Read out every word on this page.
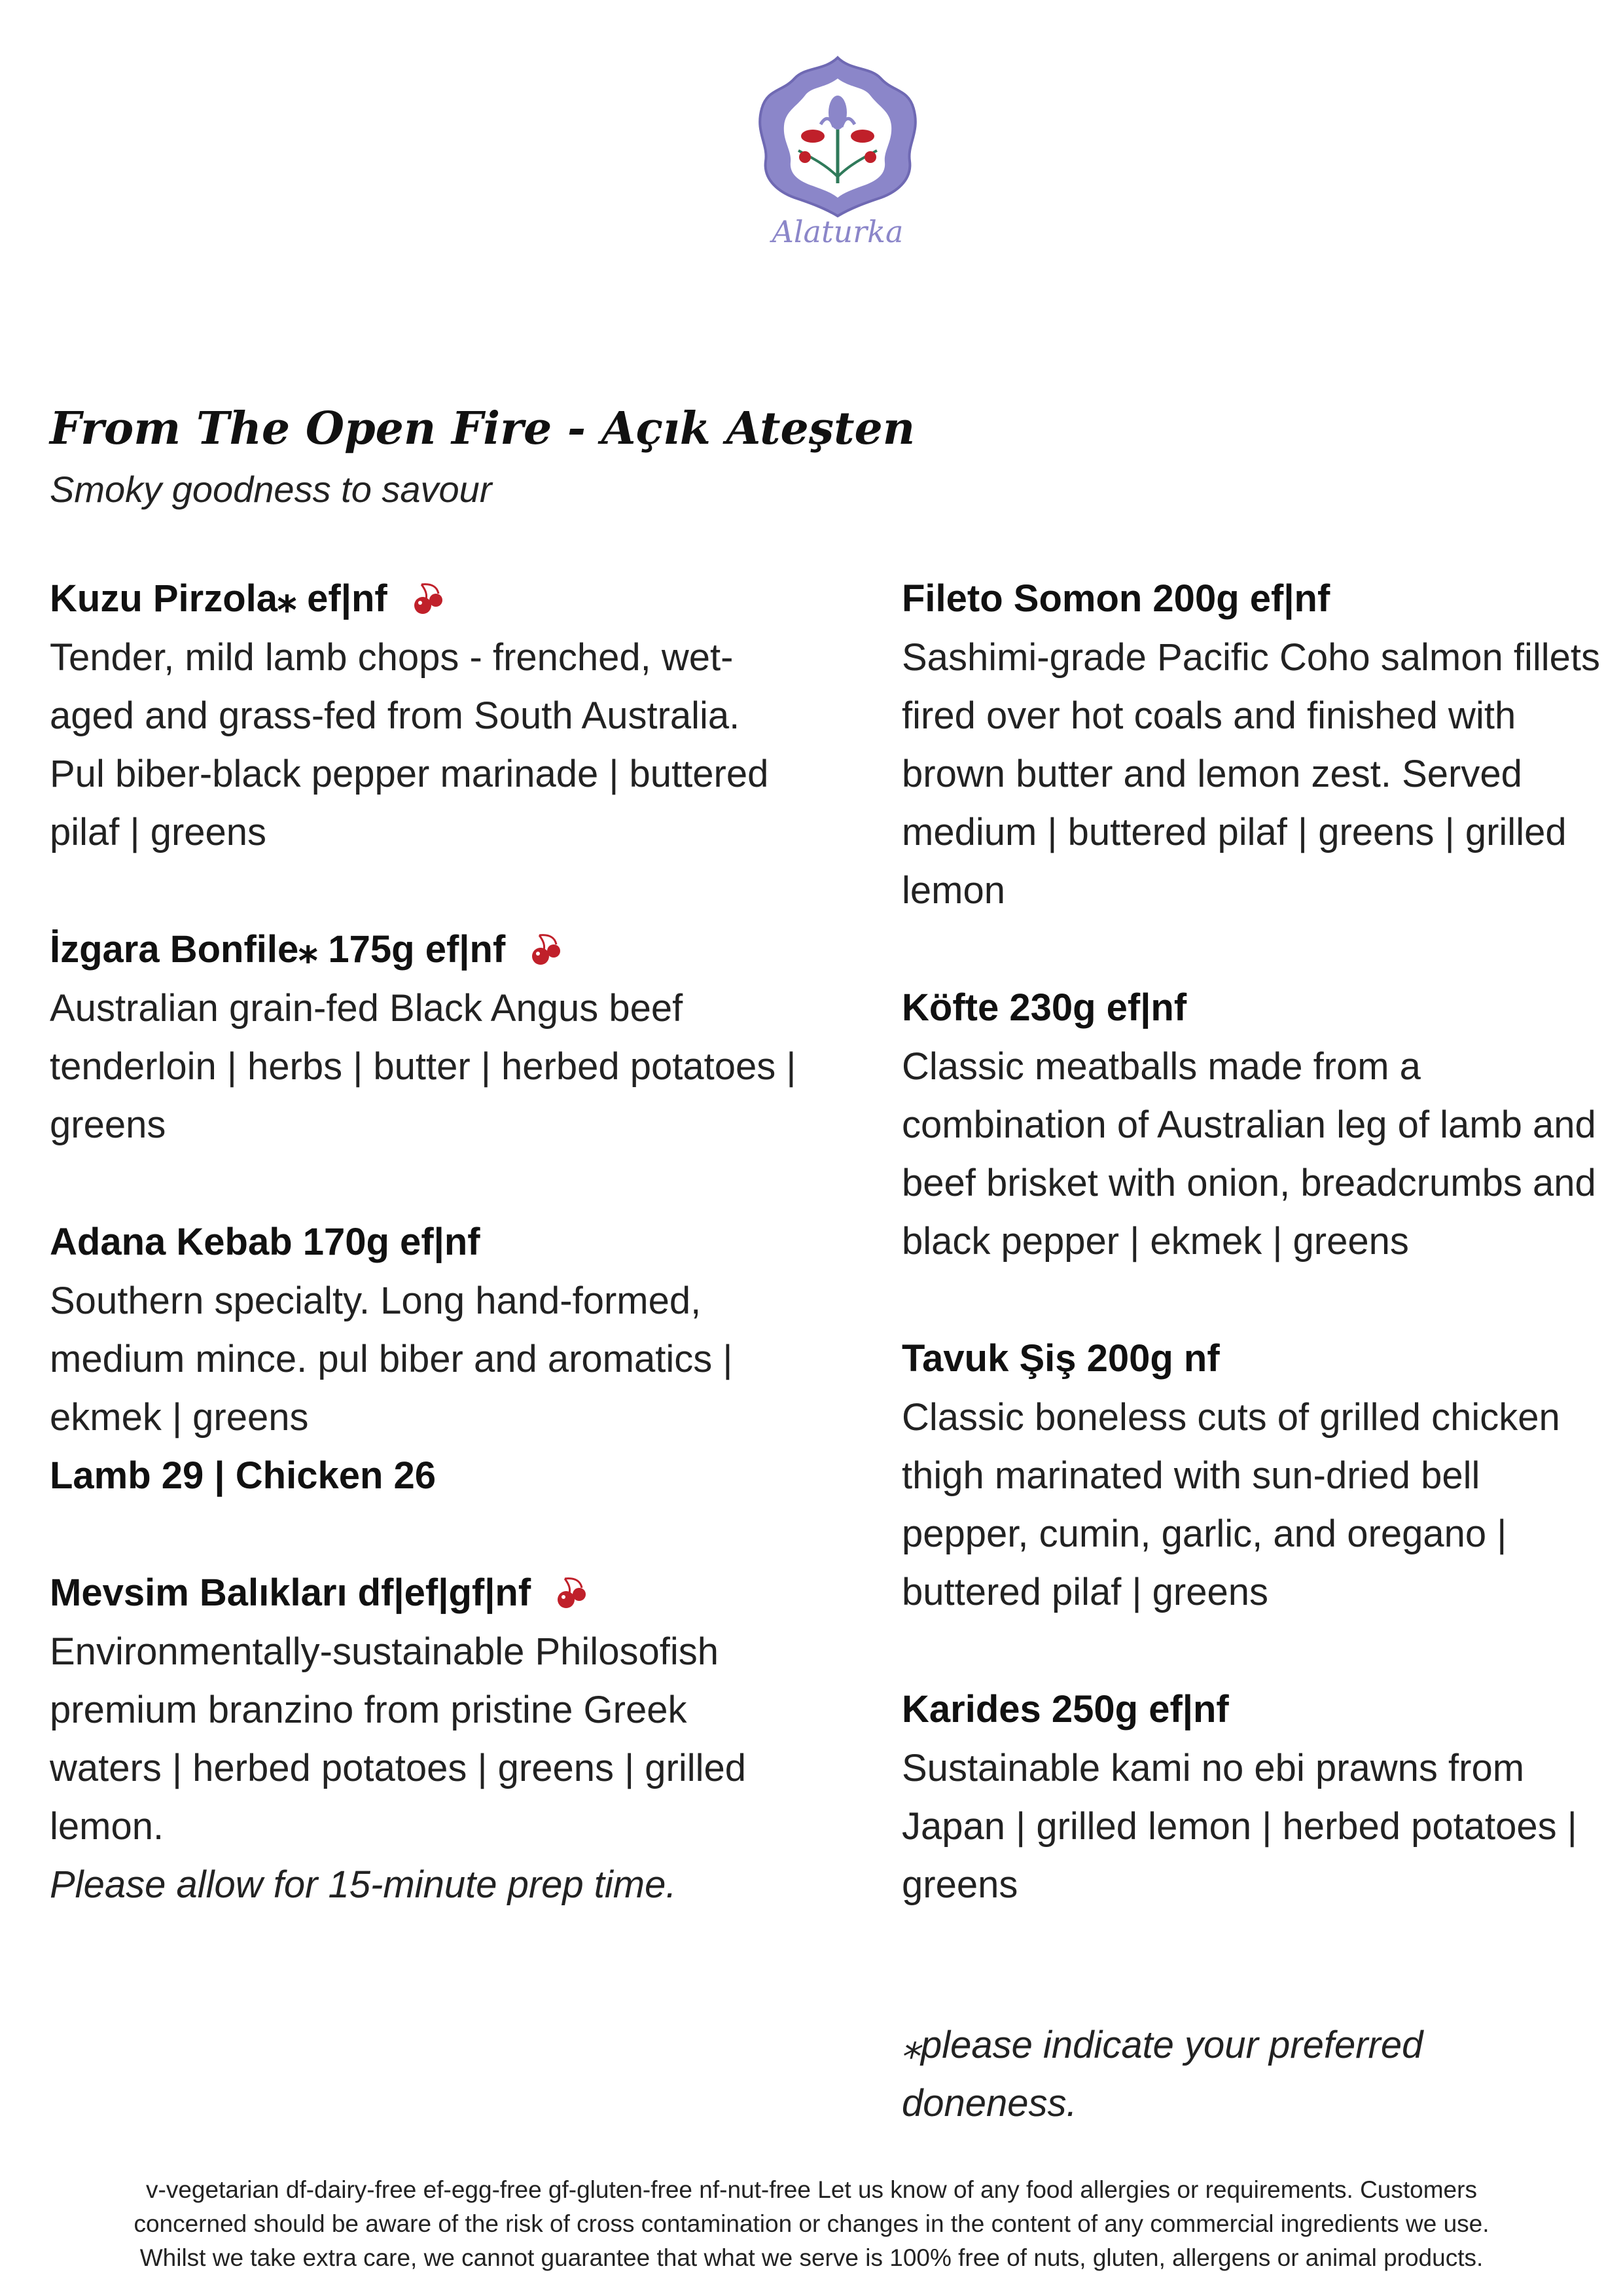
Alaturka
From The Open Fire - Açık Ateşten
Smoky goodness to savour
Kuzu Pirzola⁎ ef|nf
Tender, mild lamb chops - frenched, wet-aged and grass-fed from South Australia. Pul biber-black pepper marinade | buttered pilaf | greens
İzgara Bonfile⁎ 175g ef|nf
Australian grain-fed Black Angus beef tenderloin | herbs | butter | herbed potatoes | greens
Adana Kebab 170g ef|nf
Southern specialty. Long hand-formed, medium mince. pul biber and aromatics | ekmek | greens
Lamb 29 | Chicken 26
Mevsim Balıkları df|ef|gf|nf
Environmentally-sustainable Philosofish premium branzino from pristine Greek waters | herbed potatoes | greens | grilled lemon.
Please allow for 15-minute prep time.
Fileto Somon 200g ef|nf
Sashimi-grade Pacific Coho salmon fillets fired over hot coals and finished with brown butter and lemon zest. Served medium | buttered pilaf | greens | grilled lemon
Köfte 230g ef|nf
Classic meatballs made from a combination of Australian leg of lamb and beef brisket with onion, breadcrumbs and black pepper | ekmek | greens
Tavuk Şiş 200g nf
Classic boneless cuts of grilled chicken thigh marinated with sun-dried bell pepper, cumin, garlic, and oregano | buttered pilaf | greens
Karides 250g ef|nf
Sustainable kami no ebi prawns from Japan | grilled lemon | herbed potatoes | greens
⁎please indicate your preferred doneness.
v-vegetarian df-dairy-free ef-egg-free gf-gluten-free nf-nut-free Let us know of any food allergies or requirements. Customers
concerned should be aware of the risk of cross contamination or changes in the content of any commercial ingredients we use.
Whilst we take extra care, we cannot guarantee that what we serve is 100% free of nuts, gluten, allergens or animal products.
